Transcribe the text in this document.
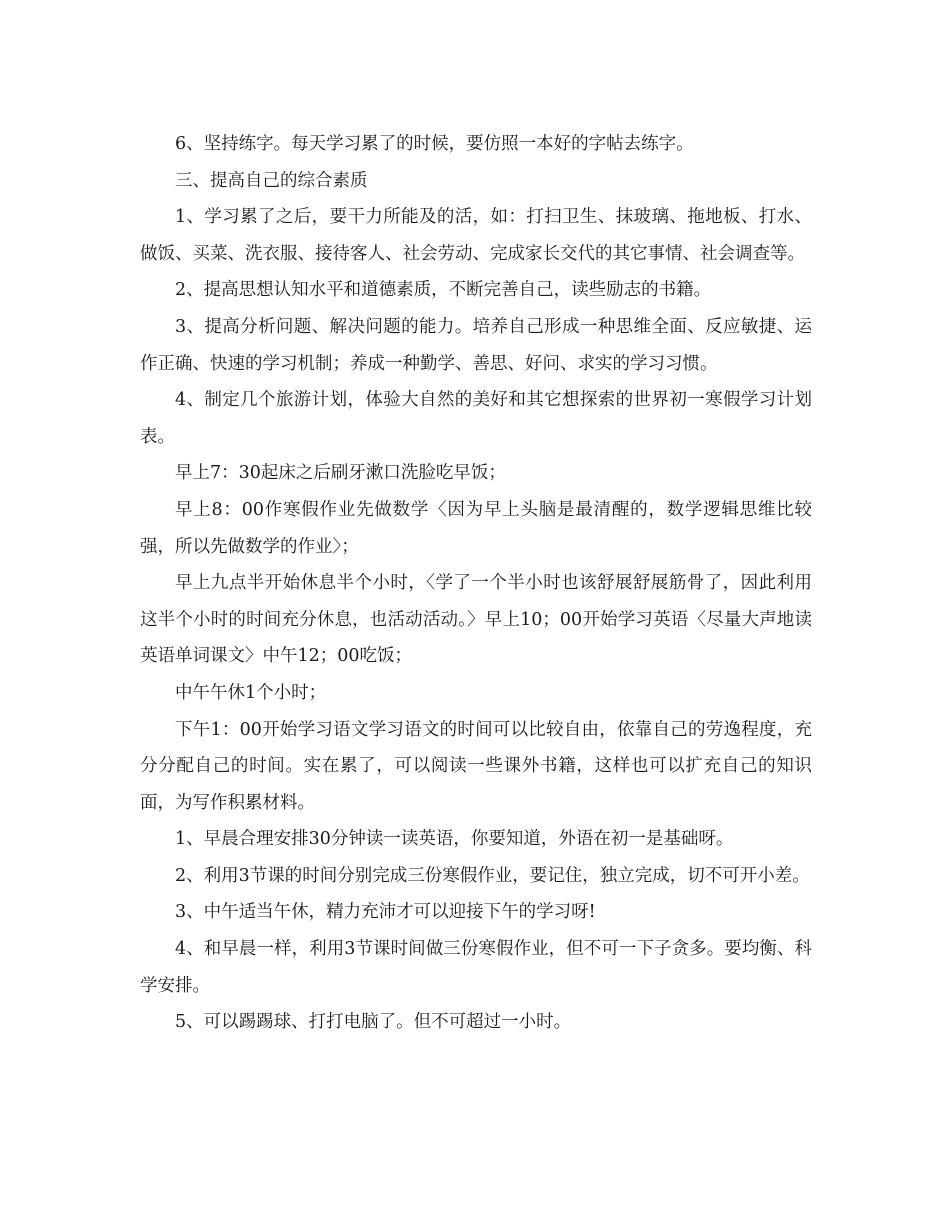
6、坚持练字。每天学习累了的时候，要仿照一本好的字帖去练字。

三、提高自己的综合素质

1、学习累了之后，要干力所能及的活，如：打扫卫生、抹玻璃、拖地板、打水、做饭、买菜、洗衣服、接待客人、社会劳动、完成家长交代的其它事情、社会调查等。

2、提高思想认知水平和道德素质，不断完善自己，读些励志的书籍。

3、提高分析问题、解决问题的能力。培养自己形成一种思维全面、反应敏捷、运作正确、快速的学习机制；养成一种勤学、善思、好问、求实的学习习惯。

4、制定几个旅游计划，体验大自然的美好和其它想探索的世界初一寒假学习计划表。

早上7：30起床之后刷牙漱口洗脸吃早饭；

早上8：00作寒假作业先做数学〈因为早上头脑是最清醒的，数学逻辑思维比较强，所以先做数学的作业〉；

早上九点半开始休息半个小时，〈学了一个半小时也该舒展舒展筋骨了，因此利用这半个小时的时间充分休息，也活动活动。〉早上10；00开始学习英语〈尽量大声地读英语单词课文〉中午12；00吃饭；

中午午休1个小时；

下午1：00开始学习语文学习语文的时间可以比较自由，依靠自己的劳逸程度，充分分配自己的时间。实在累了，可以阅读一些课外书籍，这样也可以扩充自己的知识面，为写作积累材料。

1、早晨合理安排30分钟读一读英语，你要知道，外语在初一是基础呀。

2、利用3节课的时间分别完成三份寒假作业，要记住，独立完成，切不可开小差。

3、中午适当午休，精力充沛才可以迎接下午的学习呀!

4、和早晨一样，利用3节课时间做三份寒假作业，但不可一下子贪多。要均衡、科学安排。

5、可以踢踢球、打打电脑了。但不可超过一小时。
